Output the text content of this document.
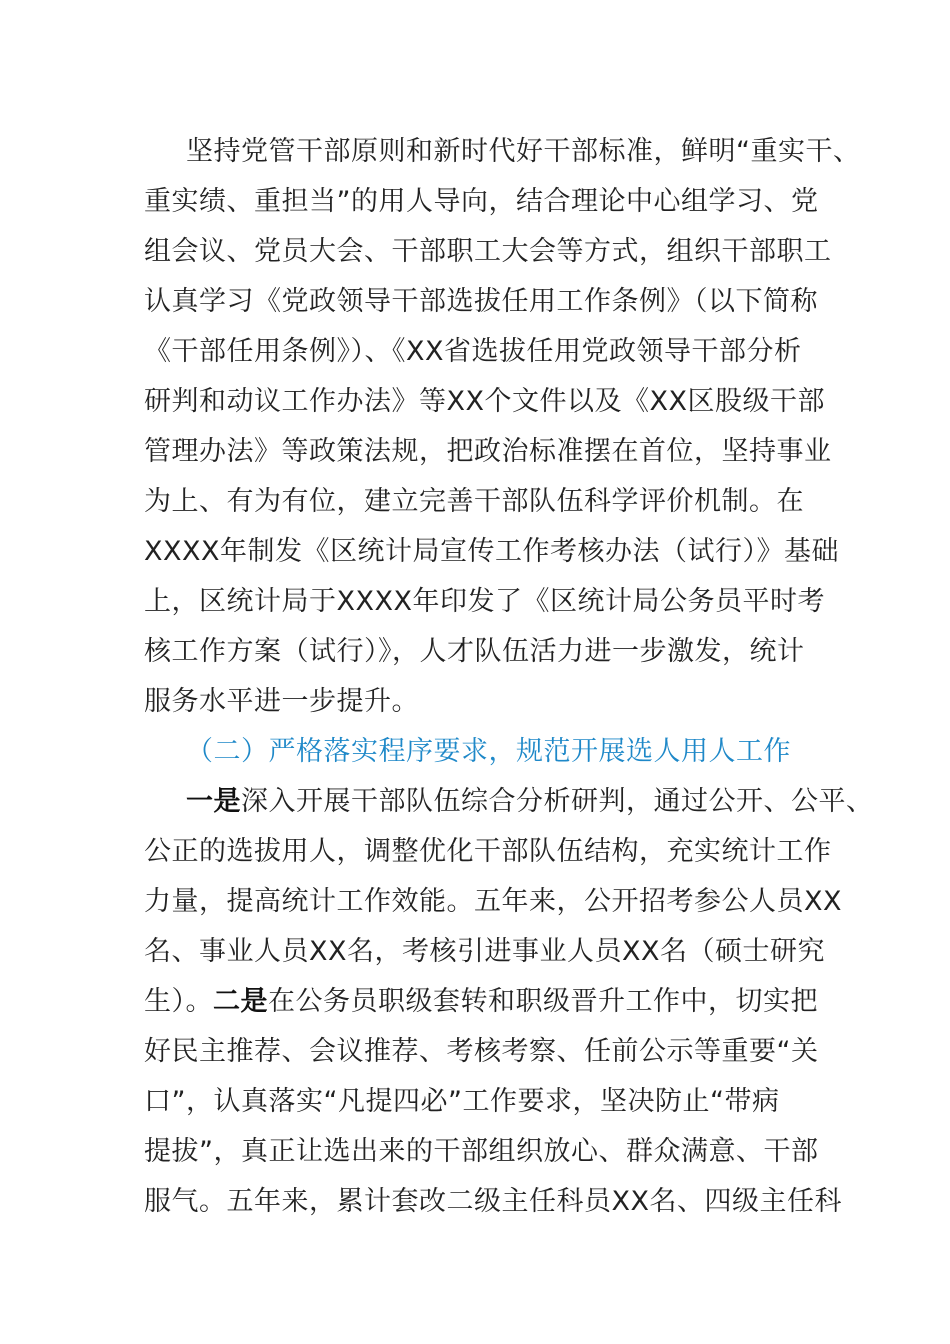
坚持党管干部原则和新时代好干部标准，鲜明“重实干、
重实绩、重担当”的用人导向，结合理论中心组学习、党
组会议、党员大会、干部职工大会等方式，组织干部职工
认真学习《党政领导干部选拔任用工作条例》（以下简称
《干部任用条例》）、《XX省选拔任用党政领导干部分析
研判和动议工作办法》等XX个文件以及《XX区股级干部
管理办法》等政策法规，把政治标准摆在首位，坚持事业
为上、有为有位，建立完善干部队伍科学评价机制。在
XXXX年制发《区统计局宣传工作考核办法（试行）》基础
上，区统计局于XXXX年印发了《区统计局公务员平时考
核工作方案（试行）》，人才队伍活力进一步激发，统计
服务水平进一步提升。
（二）严格落实程序要求，规范开展选人用人工作
一是深入开展干部队伍综合分析研判，通过公开、公平、
公正的选拔用人，调整优化干部队伍结构，充实统计工作
力量，提高统计工作效能。五年来，公开招考参公人员XX
名、事业人员XX名，考核引进事业人员XX名（硕士研究
生）。二是在公务员职级套转和职级晋升工作中，切实把
好民主推荐、会议推荐、考核考察、任前公示等重要“关
口”，认真落实“凡提四必”工作要求，坚决防止“带病
提拔”，真正让选出来的干部组织放心、群众满意、干部
服气。五年来，累计套改二级主任科员XX名、四级主任科
